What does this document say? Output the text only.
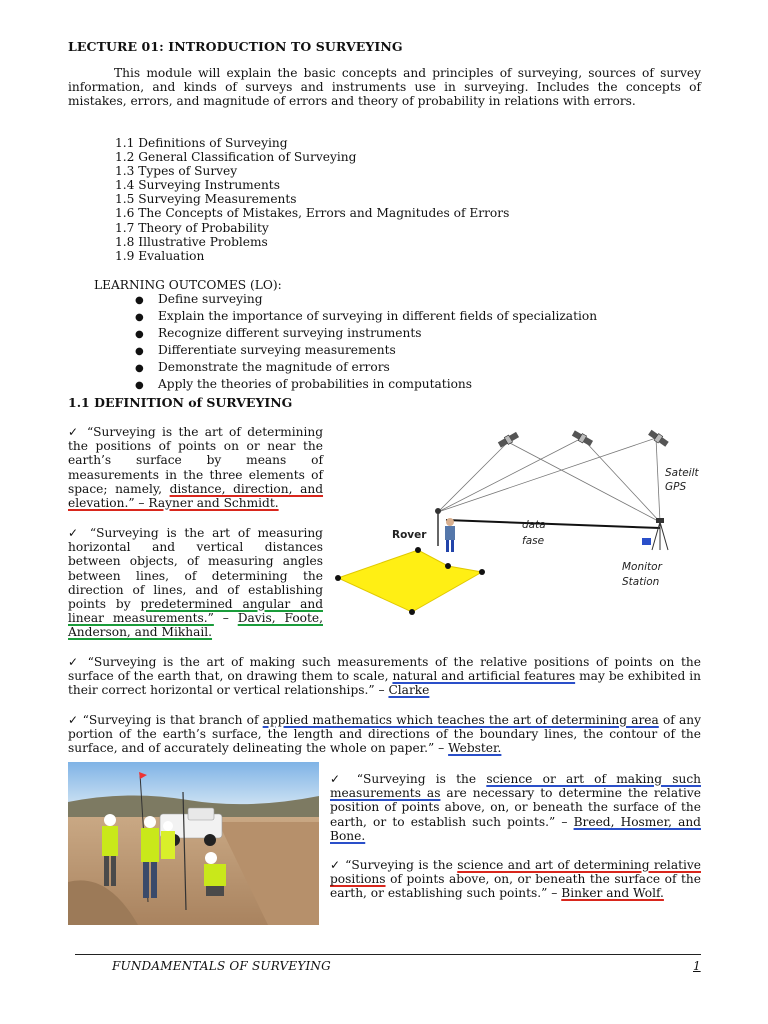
LECTURE 01: INTRODUCTION TO SURVEYING
This module will explain the basic concepts and principles of surveying, sources of survey information, and kinds of surveys and instruments use in surveying. Includes the concepts of mistakes, errors, and magnitude of errors and theory of probability in relations with errors.
1.1 Definitions of Surveying
1.2 General Classification of Surveying
1.3 Types of Survey
1.4 Surveying Instruments
1.5 Surveying Measurements
1.6 The Concepts of Mistakes, Errors and Magnitudes of Errors
1.7 Theory of Probability
1.8 Illustrative Problems
1.9 Evaluation
LEARNING OUTCOMES (LO):
● Define surveying
● Explain the importance of surveying in different fields of specialization
● Recognize different surveying instruments
● Differentiate surveying measurements
● Demonstrate the magnitude of errors
● Apply the theories of probabilities in computations
1.1 DEFINITION of SURVEYING
✓ “Surveying is the art of determining the positions of points on or near the earth’s surface by means of measurements in the three elements of space; namely, distance, direction, and elevation.” – Rayner and Schmidt.
✓ “Surveying is the art of measuring horizontal and vertical distances between objects, of measuring angles between lines, of determining the direction of lines, and of establishing points by predetermined angular and linear measurements.” – Davis, Foote, Anderson, and Mikhail.
Sateilt
GPS
Rover
data
fase
Monitor
Station
✓ “Surveying is the art of making such measurements of the relative positions of points on the surface of the earth that, on drawing them to scale, natural and artificial features may be exhibited in their correct horizontal or vertical relationships.” – Clarke
✓ “Surveying is that branch of applied mathematics which teaches the art of determining area of any portion of the earth’s surface, the length and directions of the boundary lines, the contour of the surface, and of accurately delineating the whole on paper.” – Webster.
✓ “Surveying is the science or art of making such measurements as are necessary to determine the relative position of points above, on, or beneath the surface of the earth, or to establish such points.” – Breed, Hosmer, and Bone.
✓ “Surveying is the science and art of determining relative positions of points above, on, or beneath the surface of the earth, or establishing such points.” – Binker and Wolf.
FUNDAMENTALS OF SURVEYING	1
